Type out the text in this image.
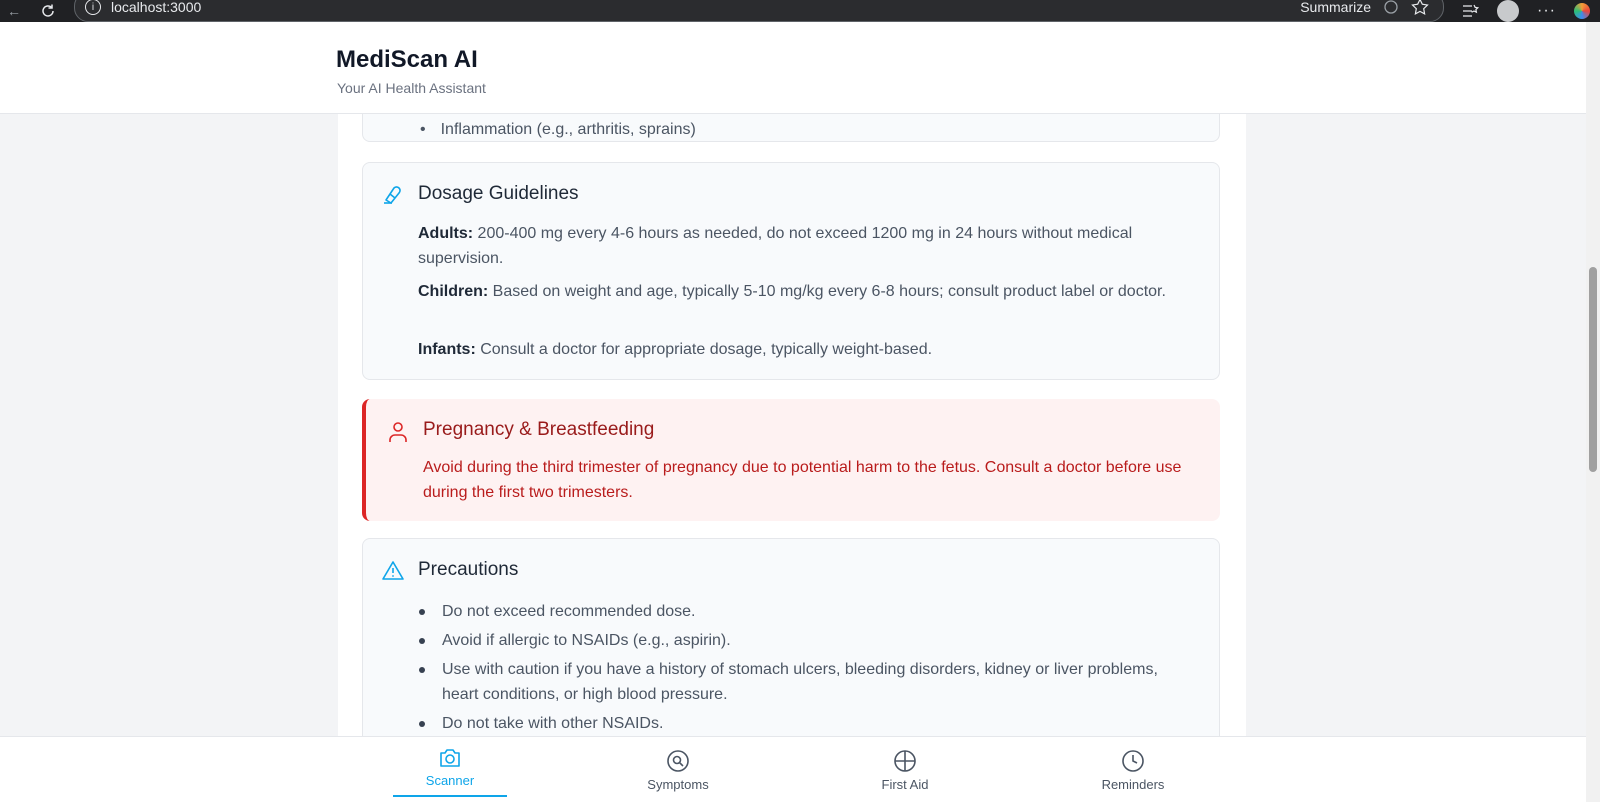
←	i	localhost:3000	Summarize	···
MediScan AI
Your AI Health Assistant
• Inflammation (e.g., arthritis, sprains)
Dosage Guidelines

Adults: 200-400 mg every 4-6 hours as needed, do not exceed 1200 mg in 24 hours without medical supervision.

Children: Based on weight and age, typically 5-10 mg/kg every 6-8 hours; consult product label or doctor.

Infants: Consult a doctor for appropriate dosage, typically weight-based.

Pregnancy & Breastfeeding

Avoid during the third trimester of pregnancy due to potential harm to the fetus. Consult a doctor before use during the first two trimesters.

Precautions
Do not exceed recommended dose.
Avoid if allergic to NSAIDs (e.g., aspirin).
Use with caution if you have a history of stomach ulcers, bleeding disorders, kidney or liver problems, heart conditions, or high blood pressure.
Do not take with other NSAIDs.
Scanner	Symptoms	First Aid	Reminders
